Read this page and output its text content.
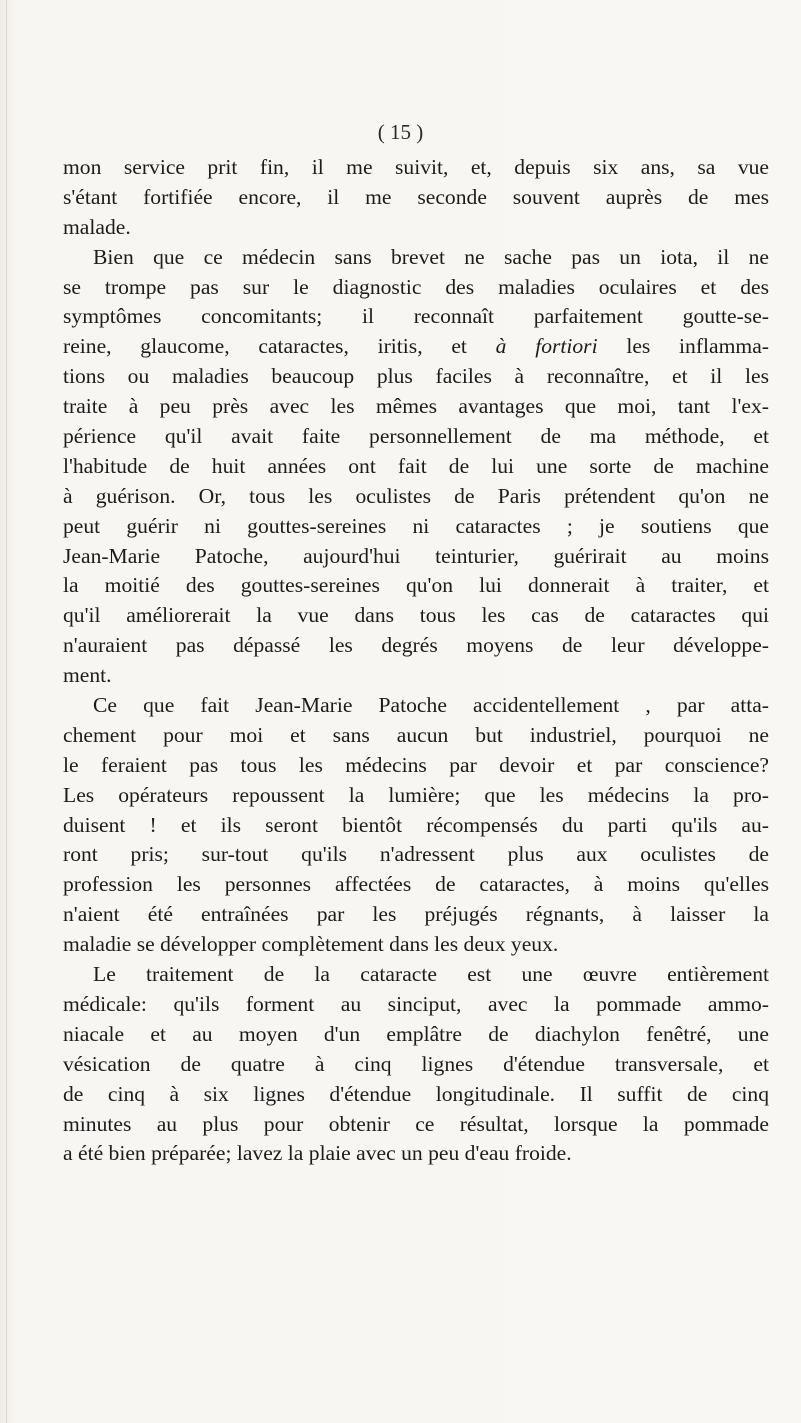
( 15 )
mon service prit fin, il me suivit, et, depuis six ans, sa vue
s'étant fortifiée encore, il me seconde souvent auprès de mes
malade.
Bien que ce médecin sans brevet ne sache pas un iota, il ne
se trompe pas sur le diagnostic des maladies oculaires et des
symptômes concomitants; il reconnaît parfaitement goutte-se-
reine, glaucome, cataractes, iritis, et à fortiori les inflamma-
tions ou maladies beaucoup plus faciles à reconnaître, et il les
traite à peu près avec les mêmes avantages que moi, tant l'ex-
périence qu'il avait faite personnellement de ma méthode, et
l'habitude de huit années ont fait de lui une sorte de machine
à guérison. Or, tous les oculistes de Paris prétendent qu'on ne
peut guérir ni gouttes-sereines ni cataractes ; je soutiens que
Jean-Marie Patoche, aujourd'hui teinturier, guérirait au moins
la moitié des gouttes-sereines qu'on lui donnerait à traiter, et
qu'il améliorerait la vue dans tous les cas de cataractes qui
n'auraient pas dépassé les degrés moyens de leur développe-
ment.
Ce que fait Jean-Marie Patoche accidentellement , par atta-
chement pour moi et sans aucun but industriel, pourquoi ne
le feraient pas tous les médecins par devoir et par conscience?
Les opérateurs repoussent la lumière; que les médecins la pro-
duisent ! et ils seront bientôt récompensés du parti qu'ils au-
ront pris; sur-tout qu'ils n'adressent plus aux oculistes de
profession les personnes affectées de cataractes, à moins qu'elles
n'aient été entraînées par les préjugés régnants, à laisser la
maladie se développer complètement dans les deux yeux.
Le traitement de la cataracte est une œuvre entièrement
médicale: qu'ils forment au sinciput, avec la pommade ammo-
niacale et au moyen d'un emplâtre de diachylon fenêtré, une
vésication de quatre à cinq lignes d'étendue transversale, et
de cinq à six lignes d'étendue longitudinale. Il suffit de cinq
minutes au plus pour obtenir ce résultat, lorsque la pommade
a été bien préparée; lavez la plaie avec un peu d'eau froide.
